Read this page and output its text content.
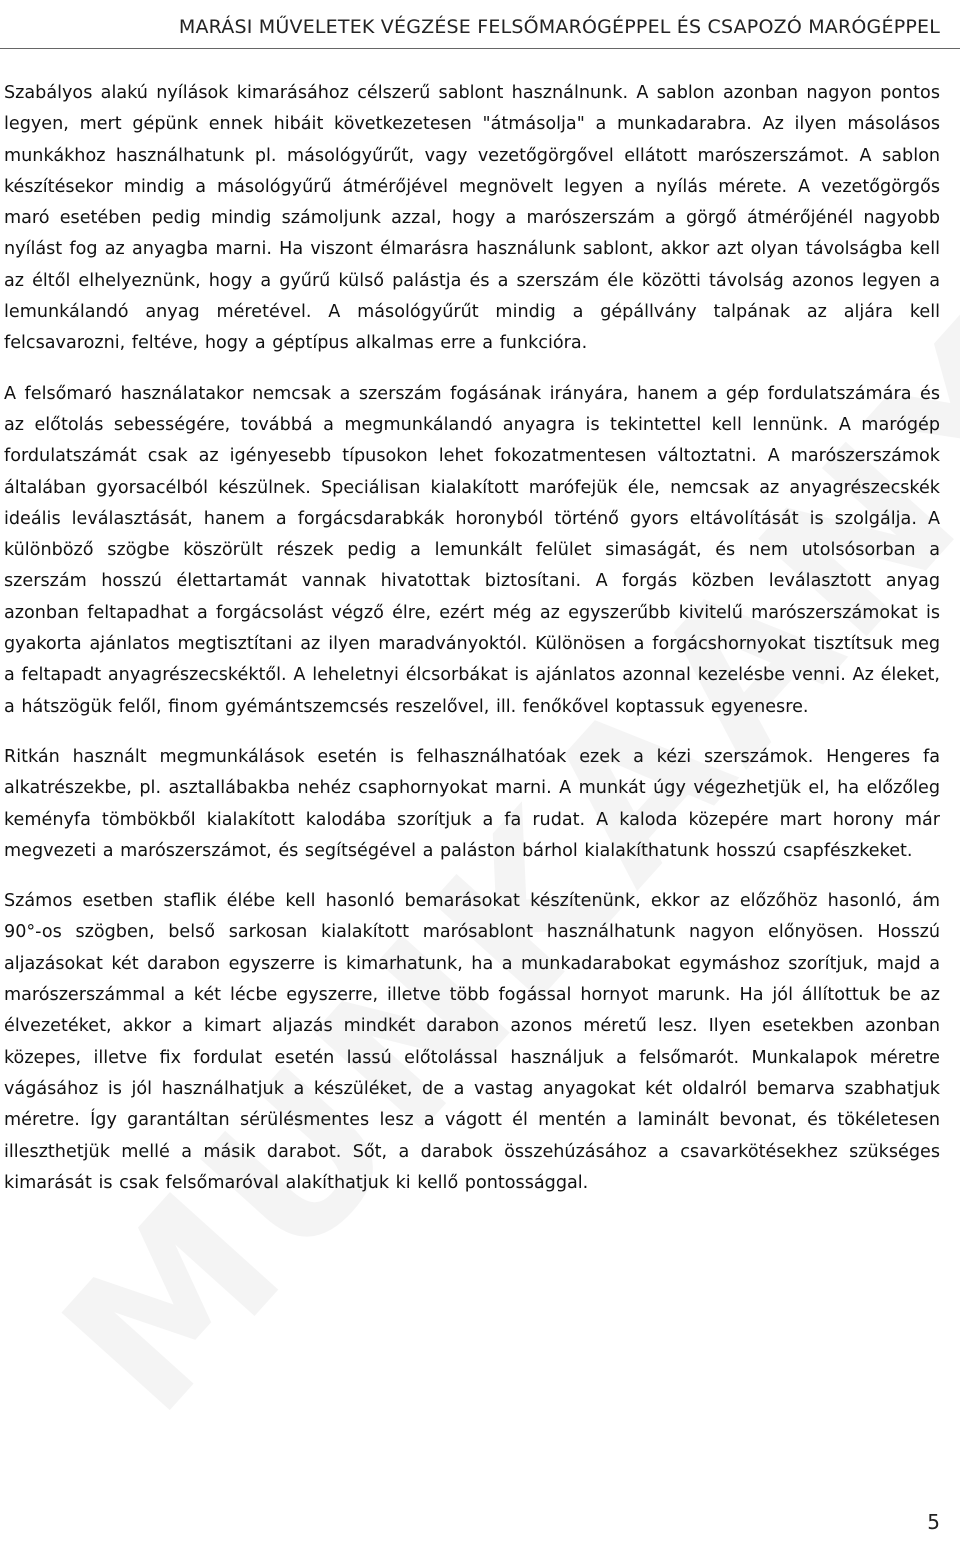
MARÁSI MŰVELETEK VÉGZÉSE FELSŐMARÓGÉPPEL ÉS CSAPOZÓ MARÓGÉPPEL

Szabályos alakú nyílások kimarásához célszerű sablont használnunk. A sablon azonban nagyon pontos legyen, mert gépünk ennek hibáit következetesen "átmásolja" a munkadarabra. Az ilyen másolásos munkákhoz használhatunk pl. másológyűrűt, vagy vezetőgörgővel ellátott marószerszámot. A sablon készítésekor mindig a másológyűrű átmérőjével megnövelt legyen a nyílás mérete. A vezetőgörgős maró esetében pedig mindig számoljunk azzal, hogy a marószerszám a görgő átmérőjénél nagyobb nyílást fog az anyagba marni. Ha viszont élmarásra használunk sablont, akkor azt olyan távolságba kell az éltől elhelyeznünk, hogy a gyűrű külső palástja és a szerszám éle közötti távolság azonos legyen a lemunkálandó anyag méretével. A másológyűrűt mindig a gépállvány talpának az aljára kell felcsavarozni, feltéve, hogy a géptípus alkalmas erre a funkcióra.

A felsőmaró használatakor nemcsak a szerszám fogásának irányára, hanem a gép fordulatszámára és az előtolás sebességére, továbbá a megmunkálandó anyagra is tekintettel kell lennünk. A marógép fordulatszámát csak az igényesebb típusokon lehet fokozatmentesen változtatni. A marószerszámok általában gyorsacélból készülnek. Speciálisan kialakított marófejük éle, nemcsak az anyagrészecskék ideális leválasztását, hanem a forgácsdarabkák horonyból történő gyors eltávolítását is szolgálja. A különböző szögbe köszörült részek pedig a lemunkált felület simaságát, és nem utolsósorban a szerszám hosszú élettartamát vannak hivatottak biztosítani. A forgás közben leválasztott anyag azonban feltapadhat a forgácsolást végző élre, ezért még az egyszerűbb kivitelű marószerszámokat is gyakorta ajánlatos megtisztítani az ilyen maradványoktól. Különösen a forgácshornyokat tisztítsuk meg a feltapadt anyagrészecskéktől. A leheletnyi élcsorbákat is ajánlatos azonnal kezelésbe venni. Az éleket, a hátszögük felől, finom gyémántszemcsés reszelővel, ill. fenőkővel koptassuk egyenesre.

Ritkán használt megmunkálások esetén is felhasználhatóak ezek a kézi szerszámok. Hengeres fa alkatrészekbe, pl. asztallábakba nehéz csaphornyokat marni. A munkát úgy végezhetjük el, ha előzőleg keményfa tömbökből kialakított kalodába szorítjuk a fa rudat. A kaloda közepére mart horony már megvezeti a marószerszámot, és segítségével a paláston bárhol kialakíthatunk hosszú csapfészkeket.

Számos esetben staflik élébe kell hasonló bemarásokat készítenünk, ekkor az előzőhöz hasonló, ám 90°-os szögben, belső sarkosan kialakított marósablont használhatunk nagyon előnyösen. Hosszú aljazásokat két darabon egyszerre is kimarhatunk, ha a munkadarabokat egymáshoz szorítjuk, majd a marószerszámmal a két lécbe egyszerre, illetve több fogással hornyot marunk. Ha jól állítottuk be az élvezetéket, akkor a kimart aljazás mindkét darabon azonos méretű lesz. Ilyen esetekben azonban közepes, illetve fix fordulat esetén lassú előtolással használjuk a felsőmarót. Munkalapok méretre vágásához is jól használhatjuk a készüléket, de a vastag anyagokat két oldalról bemarva szabhatjuk méretre. Így garantáltan sérülésmentes lesz a vágott él mentén a laminált bevonat, és tökéletesen illeszthetjük mellé a másik darabot. Sőt, a darabok összehúzásához a csavarkötésekhez szükséges kimarását is csak felsőmaróval alakíthatjuk ki kellő pontossággal.

5
